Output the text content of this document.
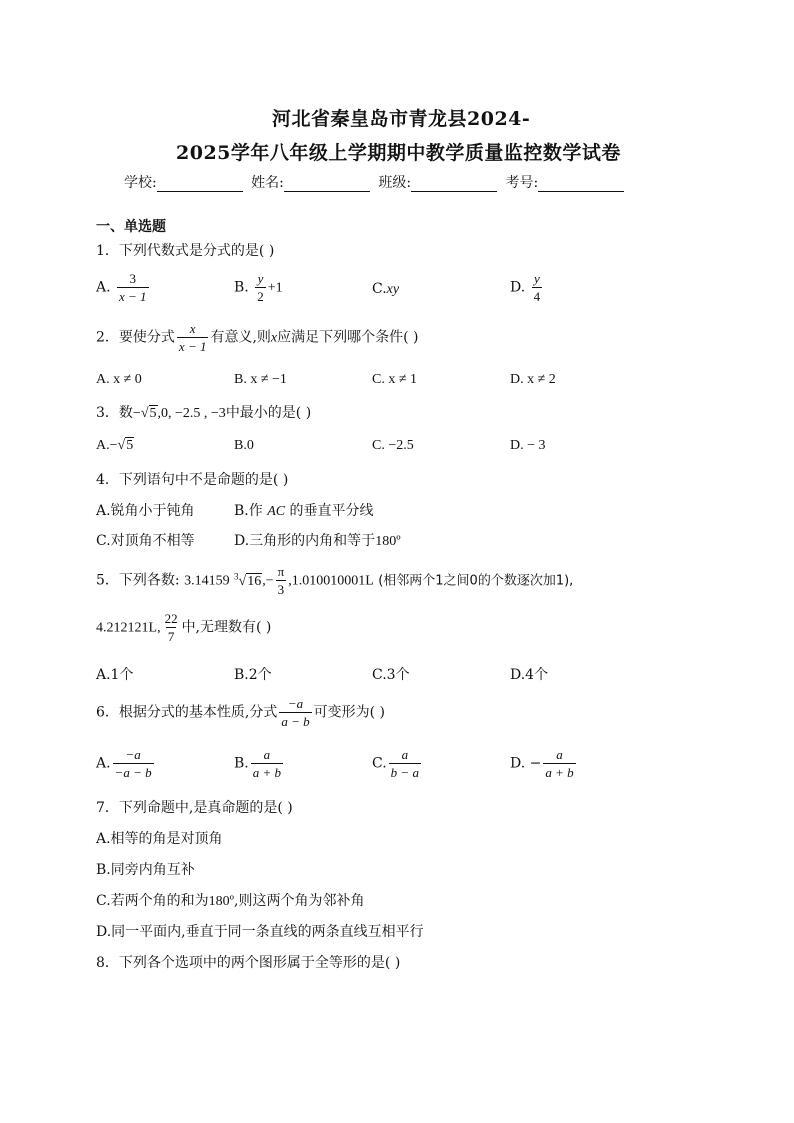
河北省秦皇岛市青龙县2024-
2025学年八年级上学期期中教学质量监控数学试卷
学校:	姓名:	班级:	考号:
一、单选题
1．下列代数式是分式的是( )
A. $\frac{3}{x - 1}$	B. $\frac{y}{2} +1$	C.xy	D. $\frac{y}{4}$
2．要使分式 $\frac{x}{x - 1}$ 有意义,则x应满足下列哪个条件( )
A. x ≠ 0	B. x ≠ −1	C. x ≠ 1	D. x ≠ 2
3．数−√5,0, −2.5 , −3中最小的是( )
A.−√5	B.0	C. −2.5	D. − 3
4．下列语句中不是命题的是( )
A.锐角小于钝角	B.作 AC 的垂直平分线
C.对顶角不相等	D.三角形的内角和等于180º
5．下列各数: 3.14159 $^3√16,- \frac{\pi}{3} ,1.010010001L$ (相邻两个1之间0的个数逐次加1),
4.212121L, $\frac{22}{7}$ 中,无理数有( )
A.1个	B.2个	C.3个	D.4个
6．根据分式的基本性质,分式 $\frac{-a}{a - b}$ 可变形为( )
A. $\frac{-a}{-a - b}$	B. $\frac{a}{a + b}$	C. $\frac{a}{b - a}$	D. − $\frac{a}{a + b}$
7．下列命题中,是真命题的是( )
A.相等的角是对顶角
B.同旁内角互补
C.若两个角的和为180º,则这两个角为邻补角
D.同一平面内,垂直于同一条直线的两条直线互相平行
8．下列各个选项中的两个图形属于全等形的是( )
